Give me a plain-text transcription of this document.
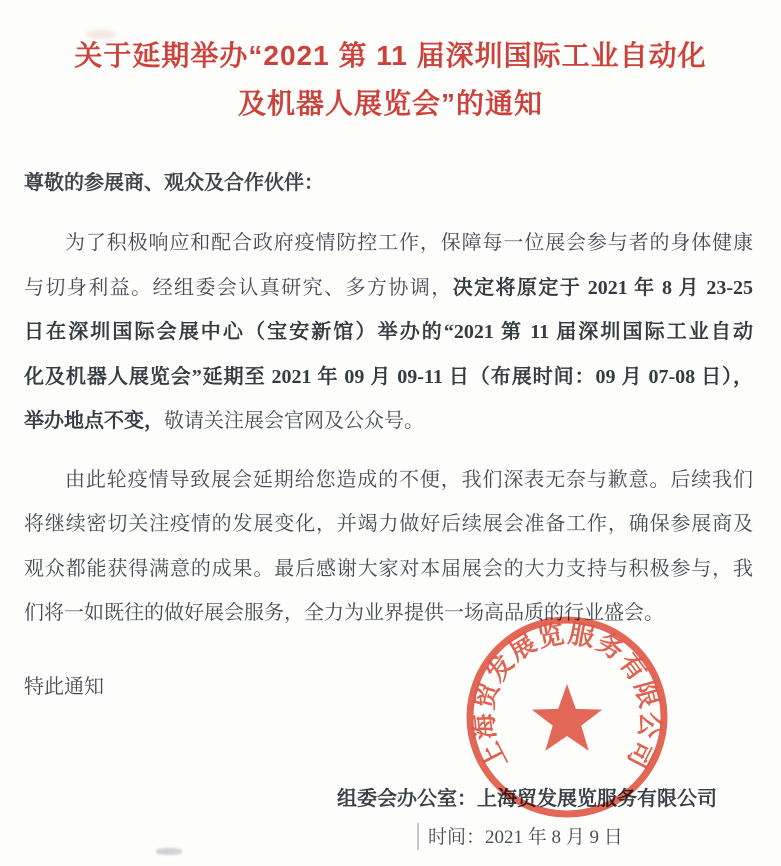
关于延期举办“2021 第 11 届深圳国际工业自动化
及机器人展览会”的通知
尊敬的参展商、观众及合作伙伴：
为了积极响应和配合政府疫情防控工作，保障每一位展会参与者的身体健康
与切身利益。经组委会认真研究、多方协调，决定将原定于 2021 年 8 月 23-25
日在深圳国际会展中心（宝安新馆）举办的“2021 第 11 届深圳国际工业自动
化及机器人展览会”延期至 2021 年 09 月 09-11 日（布展时间：09 月 07-08 日），
举办地点不变，敬请关注展会官网及公众号。
由此轮疫情导致展会延期给您造成的不便，我们深表无奈与歉意。后续我们
将继续密切关注疫情的发展变化，并竭力做好后续展会准备工作，确保参展商及
观众都能获得满意的成果。最后感谢大家对本届展会的大力支持与积极参与，我
们将一如既往的做好展会服务，全力为业界提供一场高品质的行业盛会。
特此通知
组委会办公室：上海贸发展览服务有限公司
时间：2021 年 8 月 9 日
上海贸发展览服务有限公司
